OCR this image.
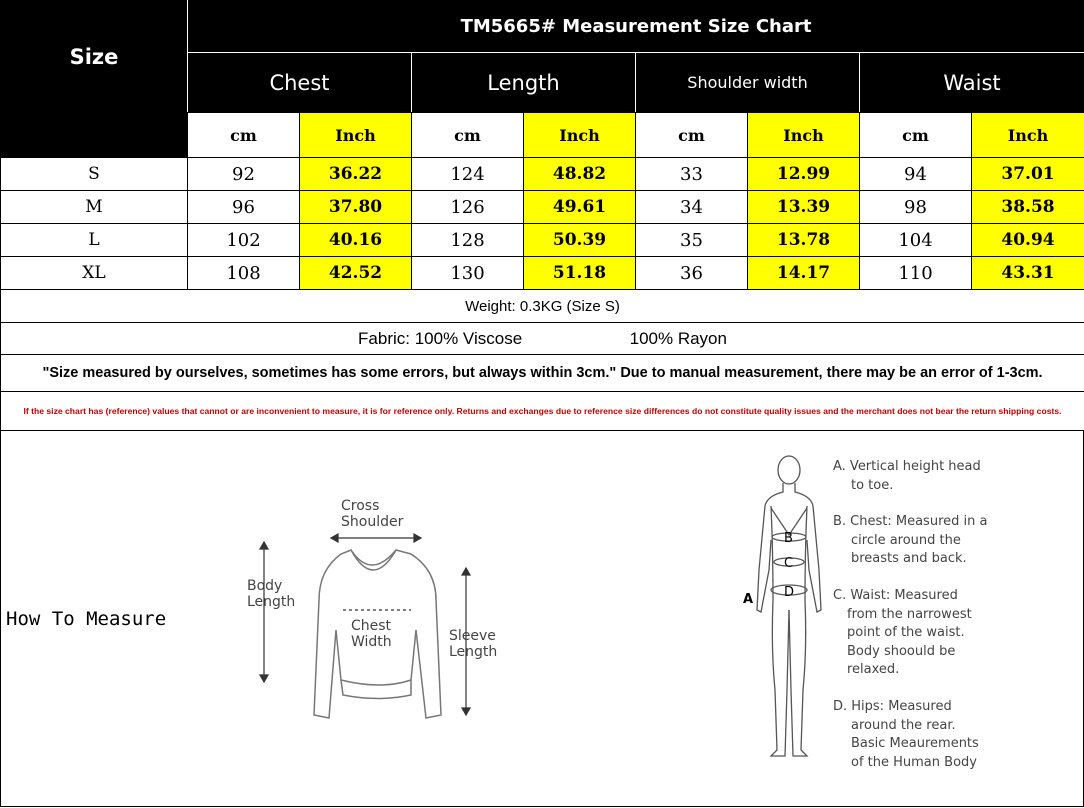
Size	TM5665# Measurement Size Chart							
	Chest		Length		Shoulder width		Waist	
	cm	Inch	cm	Inch	cm	Inch	cm	Inch
S	92	36.22	124	48.82	33	12.99	94	37.01
M	96	37.80	126	49.61	34	13.39	98	38.58
L	102	40.16	128	50.39	35	13.78	104	40.94
XL	108	42.52	130	51.18	36	14.17	110	43.31
Weight: 0.3KG (Size S)								
Fabric: 100% Viscose 100% Rayon								
"Size measured by ourselves, sometimes has some errors, but always within 3cm." Due to manual measurement, there may be an error of 1-3cm.								
If the size chart has (reference) values that cannot or are inconvenient to measure, it is for reference only. Returns and exchanges due to reference size differences do not constitute quality issues and the merchant does not bear the return shipping costs.								
How To Measure
Cross
Shoulder
Body
Length
Chest
Width	Sleeve
Length
B
C
D
A
A. Vertical height head
to toe.
B. Chest: Measured in a
circle around the
breasts and back.
C. Waist: Measured
from the narrowest
point of the waist.
Body shoould be
relaxed.
D. Hips: Measured
around the rear.
Basic Meaurements
of the Human Body
